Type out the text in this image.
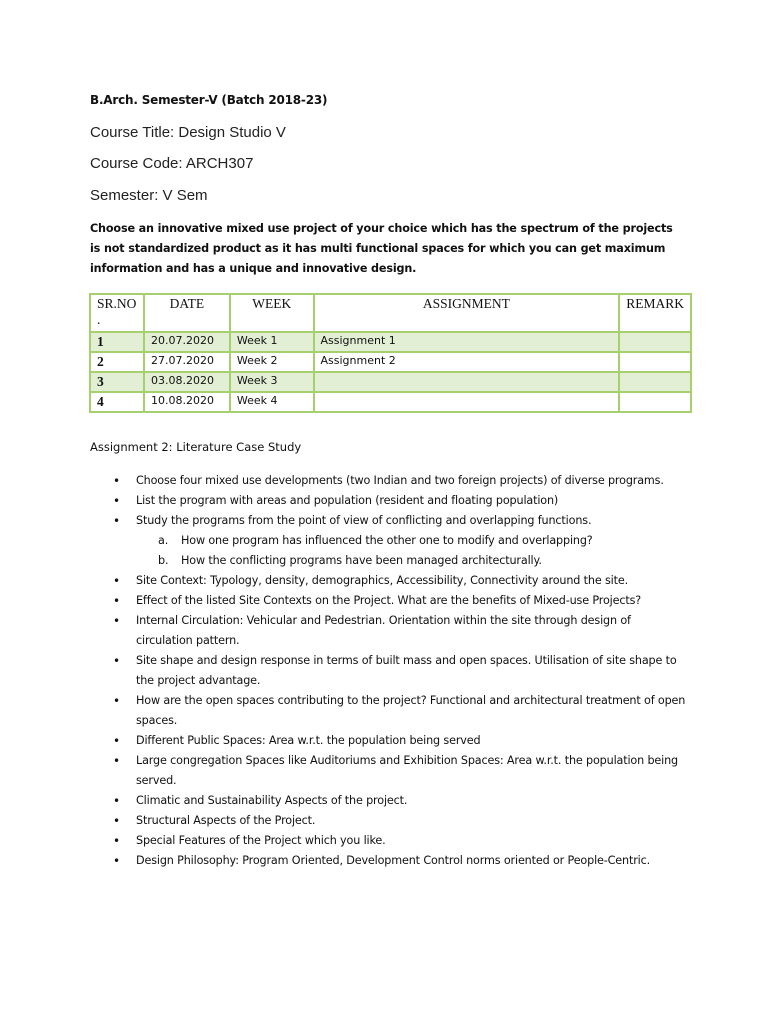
B.Arch. Semester-V (Batch 2018-23)
Course Title: Design Studio V
Course Code: ARCH307
Semester: V Sem
Choose an innovative mixed use project of your choice which has the spectrum of the projects is not standardized product as it has multi functional spaces for which you can get maximum information and has a unique and innovative design.
SR.NO .	DATE	WEEK	ASSIGNMENT	REMARK
1	20.07.2020	Week 1	Assignment 1	
2	27.07.2020	Week 2	Assignment 2	
3	03.08.2020	Week 3		
4	10.08.2020	Week 4		
Assignment 2: Literature Case Study
• Choose four mixed use developments (two Indian and two foreign projects) of diverse programs.
• List the program with areas and population (resident and floating population)
• Study the programs from the point of view of conflicting and overlapping functions.
a. How one program has influenced the other one to modify and overlapping?
b. How the conflicting programs have been managed architecturally.
• Site Context: Typology, density, demographics, Accessibility, Connectivity around the site.
• Effect of the listed Site Contexts on the Project. What are the benefits of Mixed-use Projects?
• Internal Circulation: Vehicular and Pedestrian. Orientation within the site through design of circulation pattern.
• Site shape and design response in terms of built mass and open spaces. Utilisation of site shape to the project advantage.
• How are the open spaces contributing to the project? Functional and architectural treatment of open spaces.
• Different Public Spaces: Area w.r.t. the population being served
• Large congregation Spaces like Auditoriums and Exhibition Spaces: Area w.r.t. the population being served.
• Climatic and Sustainability Aspects of the project.
• Structural Aspects of the Project.
• Special Features of the Project which you like.
• Design Philosophy: Program Oriented, Development Control norms oriented or People-Centric.
